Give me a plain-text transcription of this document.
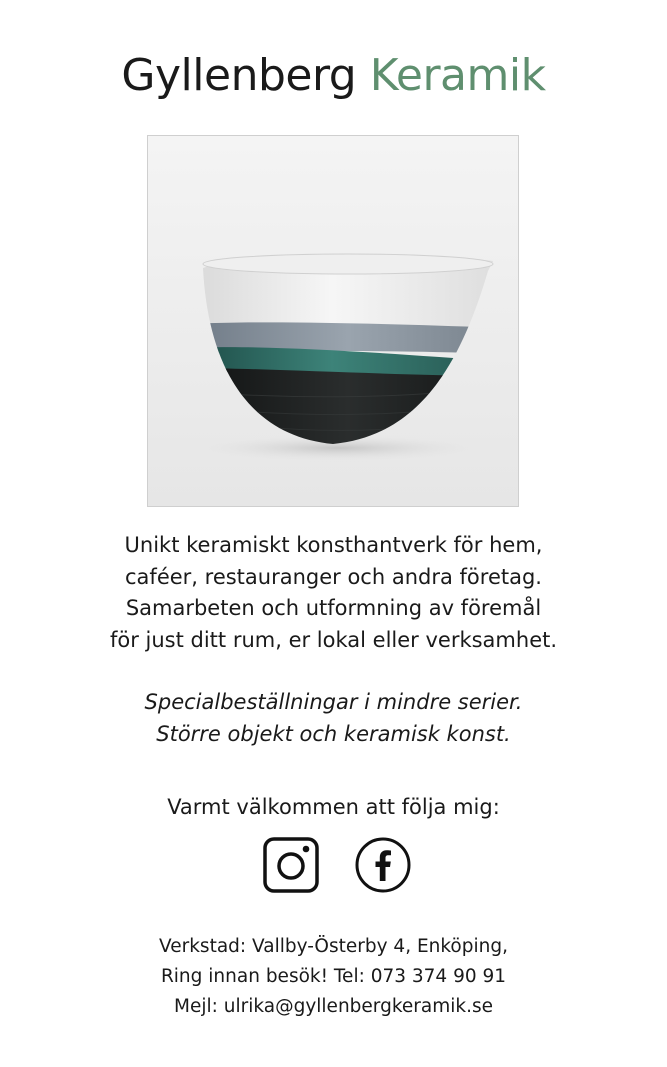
Gyllenberg Keramik
Unikt keramiskt konsthantverk för hem,
caféer, restauranger och andra företag.
Samarbeten och utformning av föremål
för just ditt rum, er lokal eller verksamhet.
Specialbeställningar i mindre serier.
Större objekt och keramisk konst.
Varmt välkommen att följa mig:
Verkstad: Vallby-Österby 4, Enköping,
Ring innan besök! Tel: 073 374 90 91
Mejl: ulrika@gyllenbergkeramik.se
